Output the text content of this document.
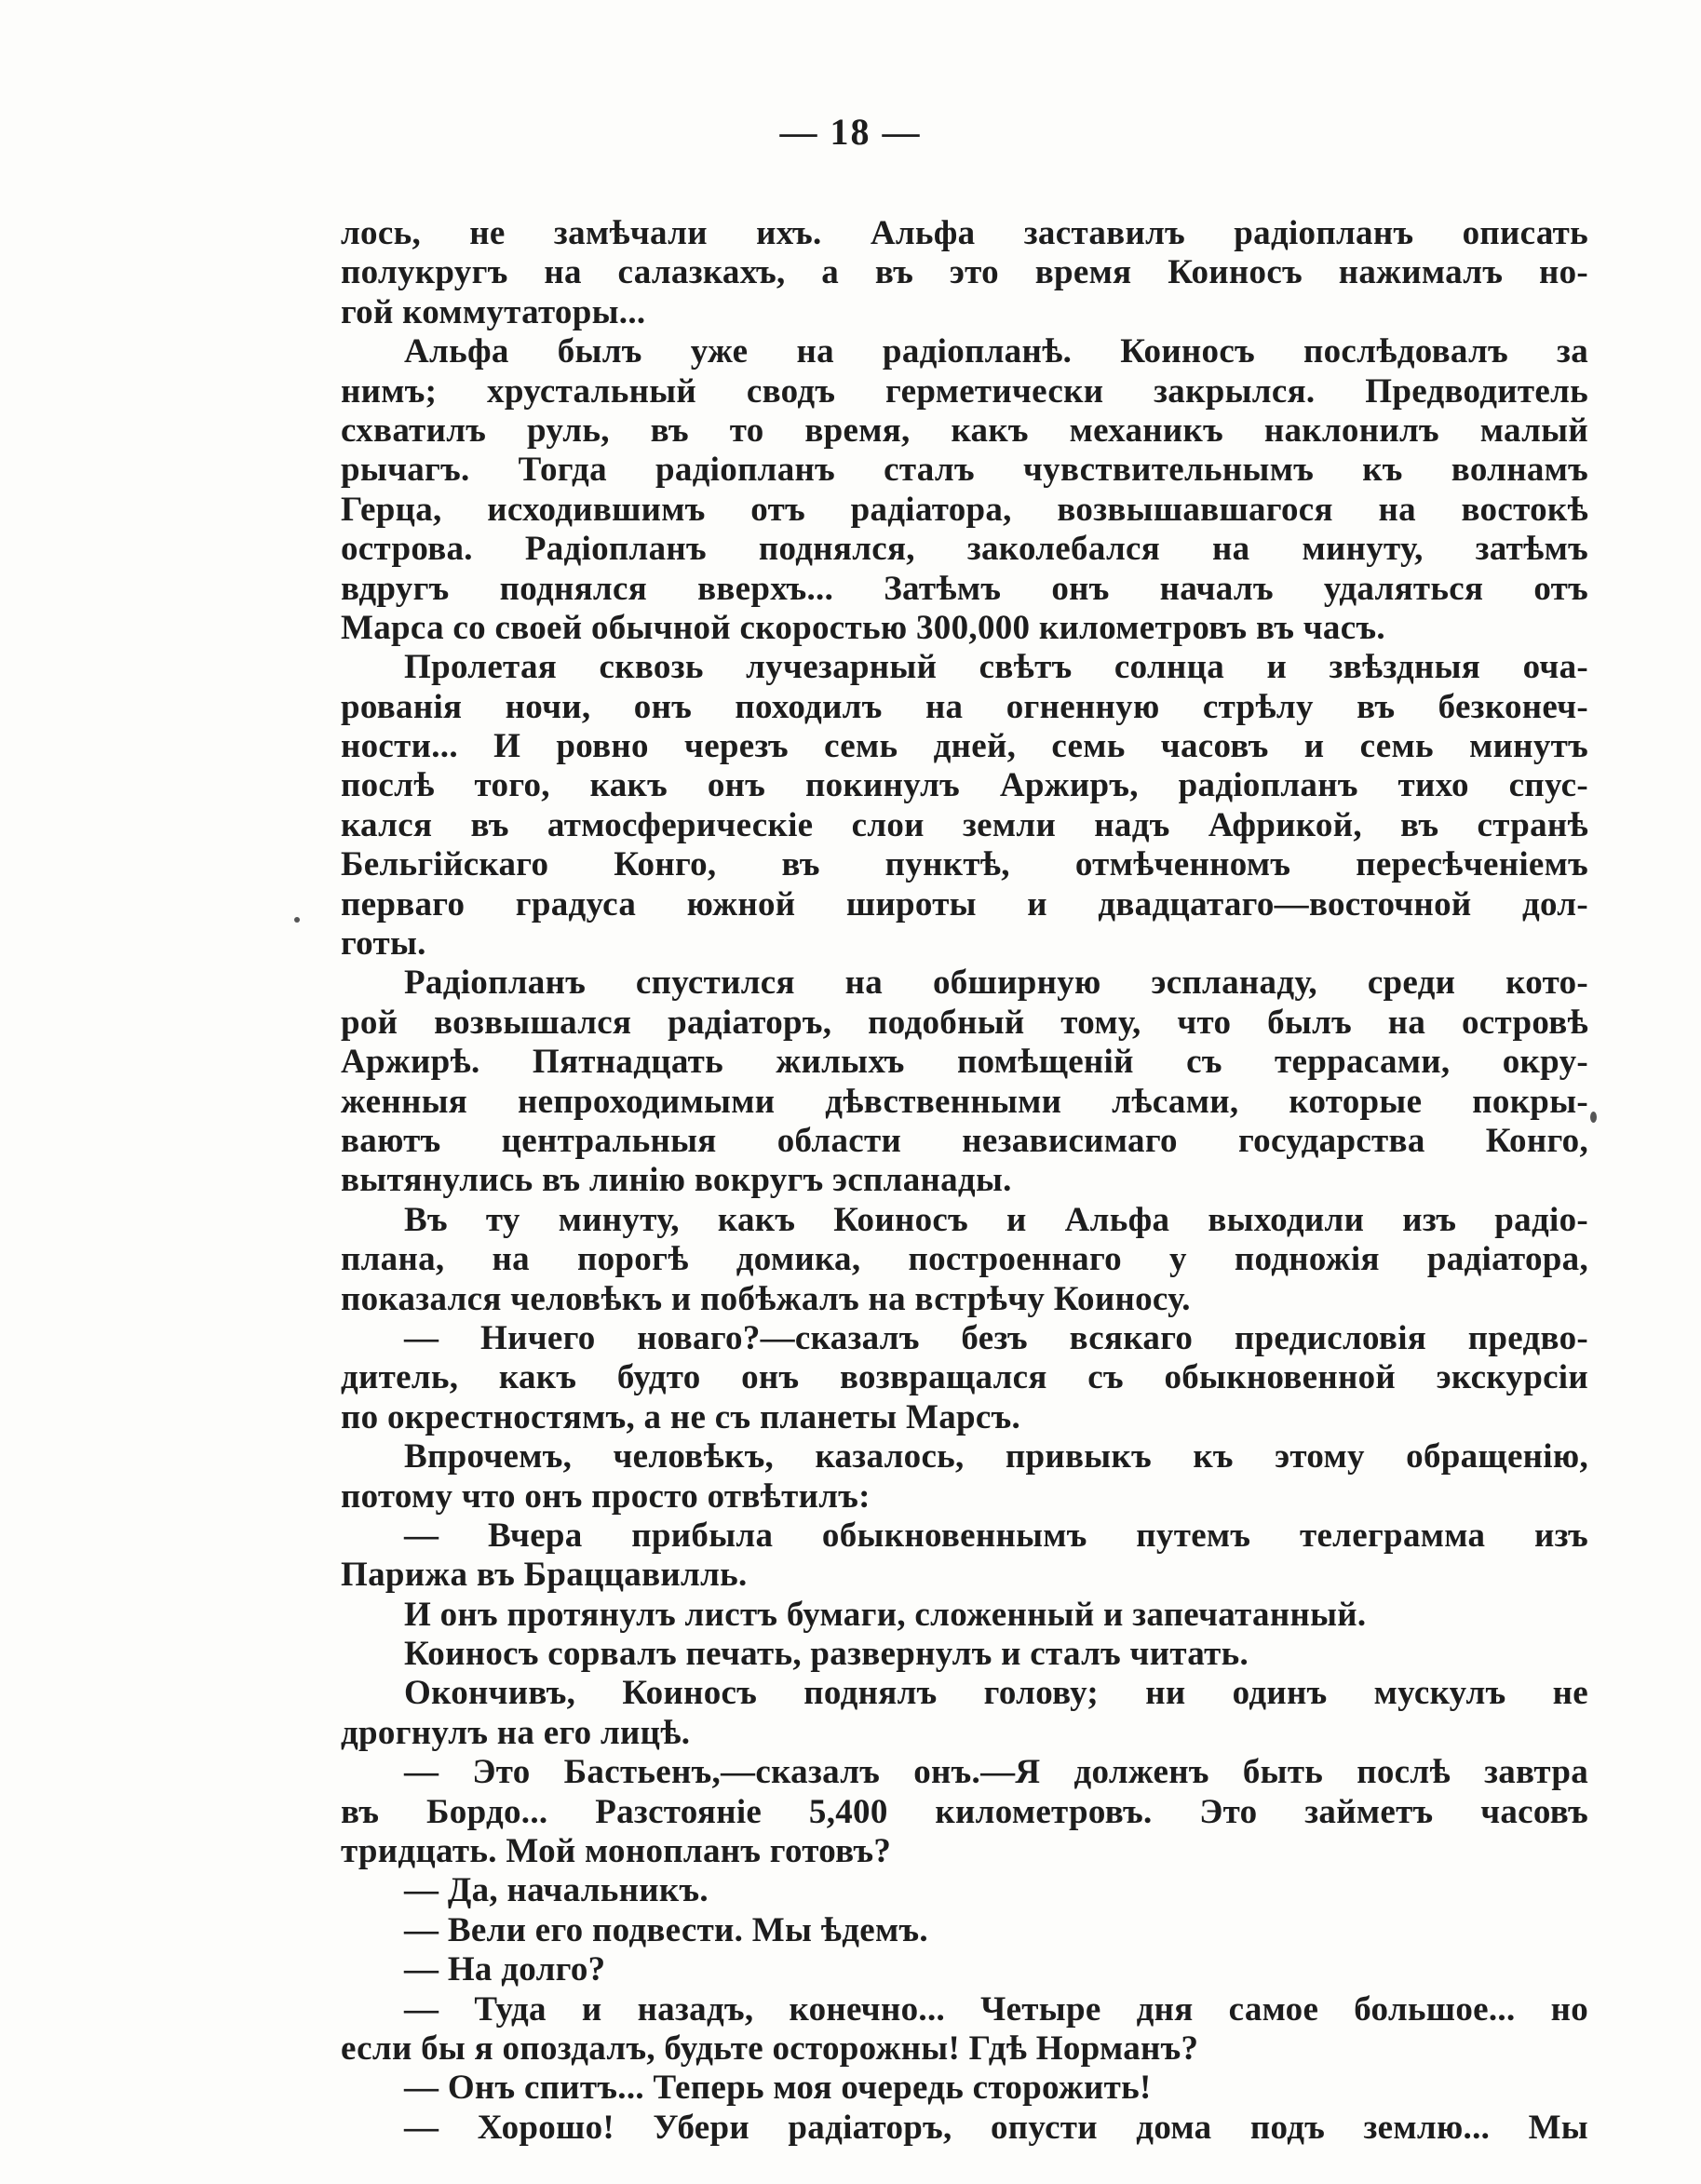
— 18 —
лось, не замѣчали ихъ. Альфа заставилъ радіопланъ описать
полукругъ на салазкахъ, а въ это время Коиносъ нажималъ но-
гой коммутаторы...
Альфа былъ уже на радіопланѣ. Коиносъ послѣдовалъ за
нимъ; хрустальный сводъ герметически закрылся. Предводитель
схватилъ руль, въ то время, какъ механикъ наклонилъ малый
рычагъ. Тогда радіопланъ сталъ чувствительнымъ къ волнамъ
Герца, исходившимъ отъ радіатора, возвышавшагося на востокѣ
острова. Радіопланъ поднялся, заколебался на минуту, затѣмъ
вдругъ поднялся вверхъ... Затѣмъ онъ началъ удаляться отъ
Марса со своей обычной скоростью 300,000 километровъ въ часъ.
Пролетая сквозь лучезарный свѣтъ солнца и звѣздныя оча-
рованія ночи, онъ походилъ на огненную стрѣлу въ безконеч-
ности... И ровно черезъ семь дней, семь часовъ и семь минутъ
послѣ того, какъ онъ покинулъ Аржиръ, радіопланъ тихо спус-
кался въ атмосферическіе слои земли надъ Африкой, въ странѣ
Бельгійскаго Конго, въ пунктѣ, отмѣченномъ пересѣченіемъ
перваго градуса южной широты и двадцатаго—восточной дол-
готы.
Радіопланъ спустился на обширную эспланаду, среди кото-
рой возвышался радіаторъ, подобный тому, что былъ на островѣ
Аржирѣ. Пятнадцать жилыхъ помѣщеній съ террасами, окру-
женныя непроходимыми дѣвственными лѣсами, которые покры-
ваютъ центральныя области независимаго государства Конго,
вытянулись въ линію вокругъ эспланады.
Въ ту минуту, какъ Коиносъ и Альфа выходили изъ радіо-
плана, на порогѣ домика, построеннаго у подножія радіатора,
показался человѣкъ и побѣжалъ на встрѣчу Коиносу.
— Ничего новаго?—сказалъ безъ всякаго предисловія предво-
дитель, какъ будто онъ возвращался съ обыкновенной экскурсіи
по окрестностямъ, а не съ планеты Марсъ.
Впрочемъ, человѣкъ, казалось, привыкъ къ этому обращенію,
потому что онъ просто отвѣтилъ:
— Вчера прибыла обыкновеннымъ путемъ телеграмма изъ
Парижа въ Браццавилль.
И онъ протянулъ листъ бумаги, сложенный и запечатанный.
Коиносъ сорвалъ печать, развернулъ и сталъ читать.
Окончивъ, Коиносъ поднялъ голову; ни одинъ мускулъ не
дрогнулъ на его лицѣ.
— Это Бастьенъ,—сказалъ онъ.—Я долженъ быть послѣ завтра
въ Бордо... Разстояніе 5,400 километровъ. Это займетъ часовъ
тридцать. Мой монопланъ готовъ?
— Да, начальникъ.
— Вели его подвести. Мы ѣдемъ.
— На долго?
— Туда и назадъ, конечно... Четыре дня самое большое... но
если бы я опоздалъ, будьте осторожны! Гдѣ Норманъ?
— Онъ спитъ... Теперь моя очередь сторожить!
— Хорошо! Убери радіаторъ, опусти дома подъ землю... Мы
